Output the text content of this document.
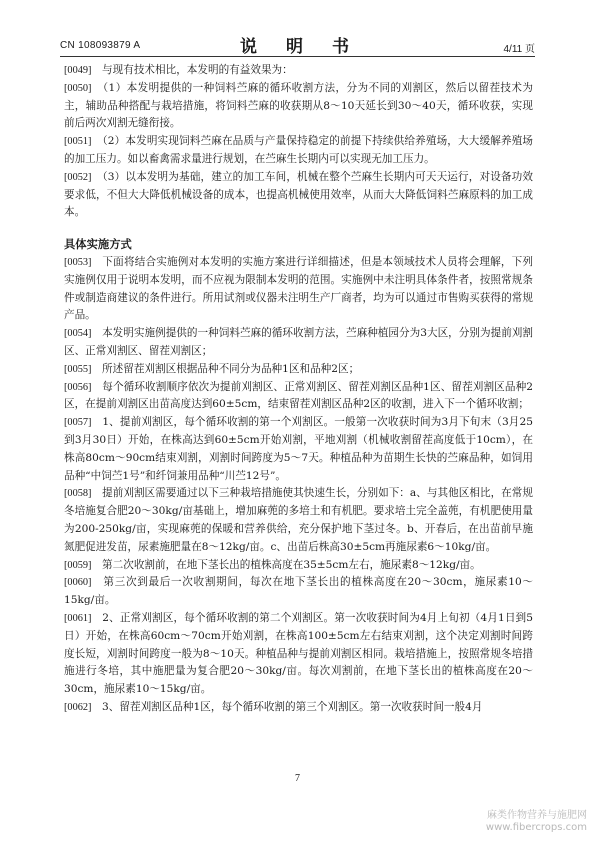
CN 108093879 A	说　明　书	4/11 页

[0049]　 与现有技术相比，本发明的有益效果为：

[0050]　 （1）本发明提供的一种饲料苎麻的循环收割方法，分为不同的刈割区，然后以留茬技术为主，辅助品种搭配与栽培措施，将饲料苎麻的收获期从8～10天延长到30～40天，循环收获，实现前后两次刈割无缝衔接。

[0051]　 （2）本发明实现饲料苎麻在品质与产量保持稳定的前提下持续供给养殖场，大大缓解养殖场的加工压力。如以畜禽需求量进行规划，在苎麻生长期内可以实现无加工压力。

[0052]　 （3）以本发明为基础，建立的加工车间，机械在整个苎麻生长期内可天天运行，对设备功效要求低，不但大大降低机械设备的成本，也提高机械使用效率，从而大大降低饲料苎麻原料的加工成本。

具体实施方式

[0053]　 下面将结合实施例对本发明的实施方案进行详细描述，但是本领域技术人员将会理解，下列实施例仅用于说明本发明，而不应视为限制本发明的范围。实施例中未注明具体条件者，按照常规条件或制造商建议的条件进行。所用试剂或仪器未注明生产厂商者，均为可以通过市售购买获得的常规产品。

[0054]　 本发明实施例提供的一种饲料苎麻的循环收割方法，苎麻种植园分为3大区，分别为提前刈割区、正常刈割区、留茬刈割区；

[0055]　 所述留茬刈割区根据品种不同分为品种1区和品种2区；

[0056]　 每个循环收割顺序依次为提前刈割区、正常刈割区、留茬刈割区品种1区、留茬刈割区品种2区，在提前刈割区出苗高度达到60±5cm，结束留茬刈割区品种2区的收割，进入下一个循环收割；

[0057]　 1、提前刈割区，每个循环收割的第一个刈割区。一般第一次收获时间为3月下旬末（3月25到3月30日）开始，在株高达到60±5cm开始刈割，平地刈割（机械收割留茬高度低于10cm），在株高80cm～90cm结束刈割，刈割时间跨度为5～7天。种植品种为苗期生长快的苎麻品种，如饲用品种“中饲苎1号”和纤饲兼用品种“川苎12号”。

[0058]　 提前刈割区需要通过以下三种栽培措施使其快速生长，分别如下：a、与其他区相比，在常规冬培施复合肥20～30kg/亩基础上，增加麻蔸的多培土和有机肥。要求培土完全盖蔸，有机肥使用量为200-250kg/亩，实现麻蔸的保暖和营养供给，充分保护地下茎过冬。b、开春后，在出苗前早施氮肥促进发苗，尿素施肥量在8～12kg/亩。c、出苗后株高30±5cm再施尿素6～10kg/亩。

[0059]　 第二次收割前，在地下茎长出的植株高度在35±5cm左右，施尿素8～12kg/亩。

[0060]　 第三次到最后一次收割期间，每次在地下茎长出的植株高度在20～30cm，施尿素10～15kg/亩。

[0061]　 2、正常刈割区，每个循环收割的第二个刈割区。第一次收获时间为4月上旬初（4月1日到5日）开始，在株高60cm～70cm开始刈割，在株高100±5cm左右结束刈割，这个决定刈割时间跨度长短，刈割时间跨度一般为8～10天。种植品种与提前刈割区相同。栽培措施上，按照常规冬培措施进行冬培，其中施肥量为复合肥20～30kg/亩。每次刈割前，在地下茎长出的植株高度在20～30cm，施尿素10～15kg/亩。

[0062]　 3、留茬刈割区品种1区，每个循环收割的第三个刈割区。第一次收获时间一般4月

7
麻类作物营养与施肥网
www.fibercrops.com
